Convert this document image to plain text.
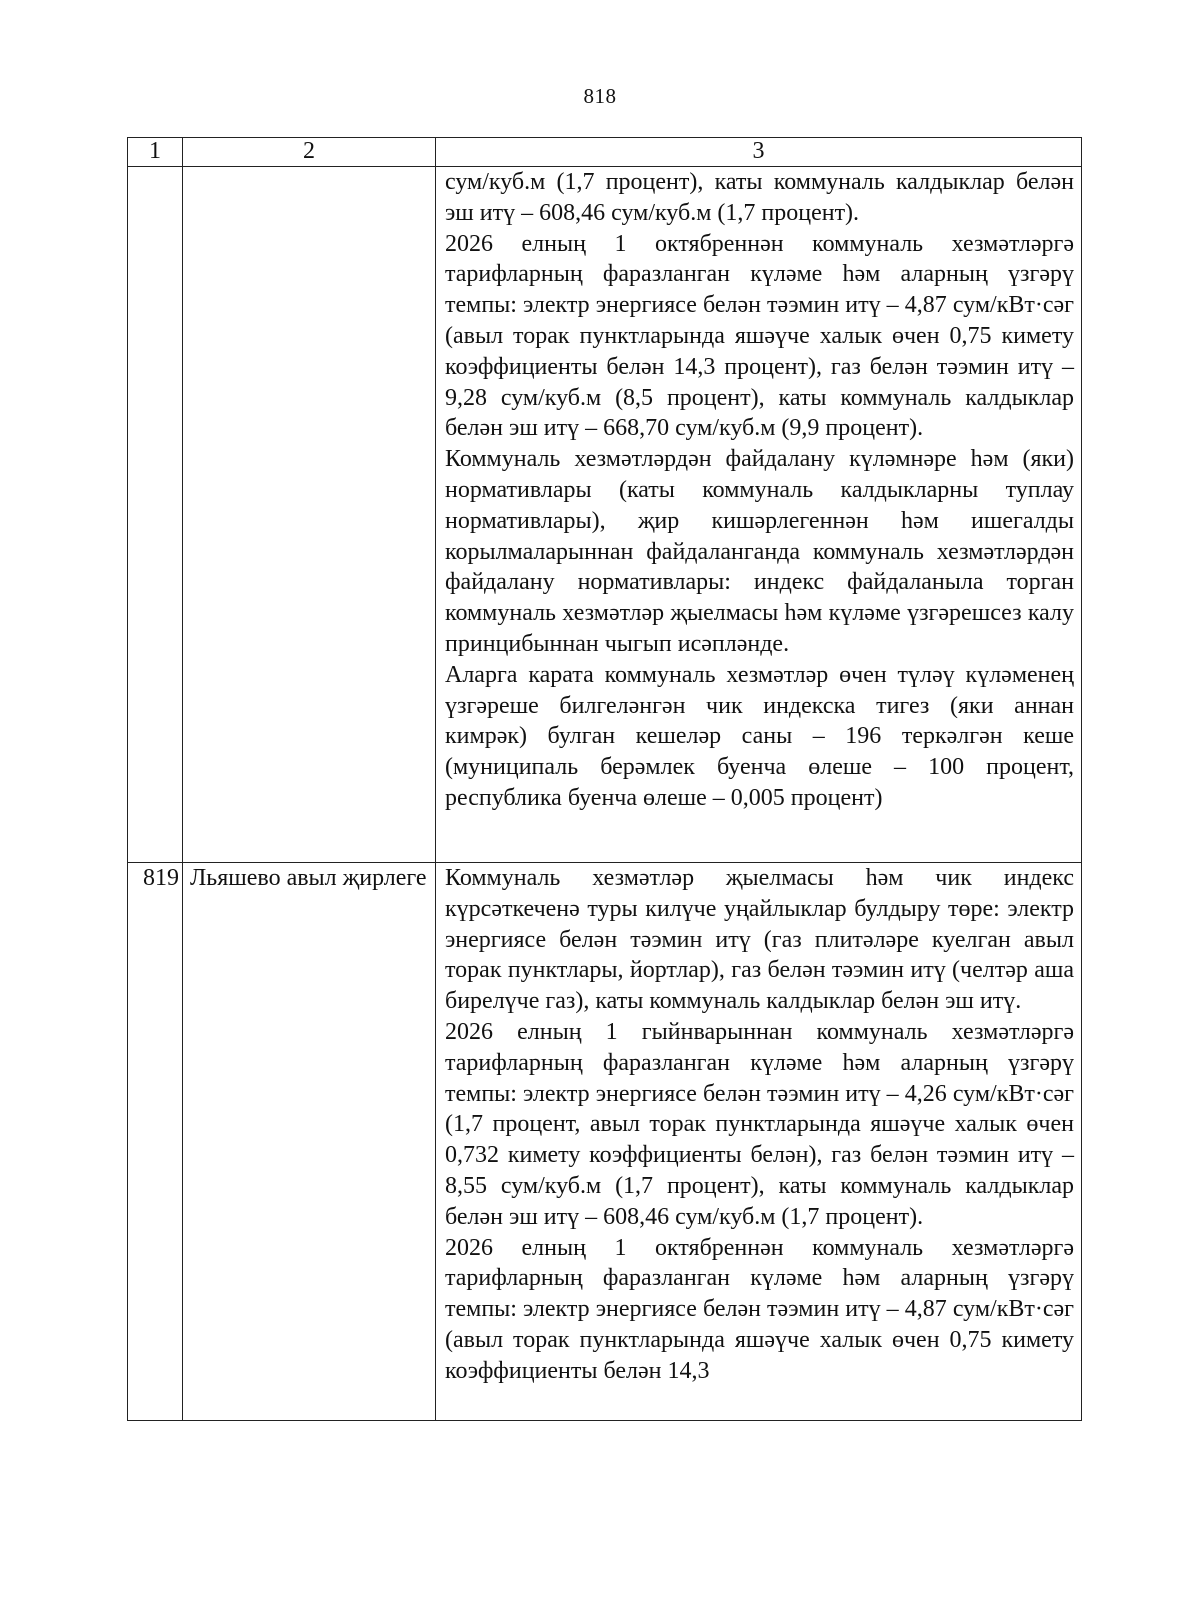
818
1	2	3

		сум/куб.м (1,7 процент), каты коммуналь калдыклар белән эш итү – 608,46 сум/куб.м (1,7 процент).

2026 елның 1 октябреннән коммуналь хезмәтләргә тарифларның фаразланган күләме һәм аларның үзгәрү темпы: электр энергиясе белән тәэмин итү – 4,87 сум/кВт·сәг (авыл торак пунктларында яшәүче халык өчен 0,75 кимету коэффициенты белән 14,3 процент), газ белән тәэмин итү – 9,28 сум/куб.м (8,5 процент), каты коммуналь калдыклар белән эш итү – 668,70 сум/куб.м (9,9 процент).

Коммуналь хезмәтләрдән файдалану күләмнәре һәм (яки) нормативлары (каты коммуналь калдыкларны туплау нормативлары), җир кишәрлегеннән һәм ишегалды корылмаларыннан файдаланганда коммуналь хезмәтләрдән файдалану нормативлары: индекс файдаланыла торган коммуналь хезмәтләр җыелмасы һәм күләме үзгәрешсез калу принцибыннан чыгып исәпләнде.

Аларга карата коммуналь хезмәтләр өчен түләү күләменең үзгәреше билгеләнгән чик индекска тигез (яки аннан кимрәк) булган кешеләр саны – 196 теркәлгән кеше (муниципаль берәмлек буенча өлеше – 100 процент, республика буенча өлеше – 0,005 процент)

819	Льяшево авыл җирлеге	Коммуналь хезмәтләр җыелмасы һәм чик индекс күрсәткеченә туры килүче уңайлыклар булдыру төре: электр энергиясе белән тәэмин итү (газ плитәләре куелган авыл торак пунктлары, йортлар), газ белән тәэмин итү (челтәр аша бирелүче газ), каты коммуналь калдыклар белән эш итү.

2026 елның 1 гыйнварыннан коммуналь хезмәтләргә тарифларның фаразланган күләме һәм аларның үзгәрү темпы: электр энергиясе белән тәэмин итү – 4,26 сум/кВт·сәг (1,7 процент, авыл торак пунктларында яшәүче халык өчен 0,732 кимету коэффициенты белән), газ белән тәэмин итү – 8,55 сум/куб.м (1,7 процент), каты коммуналь калдыклар белән эш итү – 608,46 сум/куб.м (1,7 процент).

2026 елның 1 октябреннән коммуналь хезмәтләргә тарифларның фаразланган күләме һәм аларның үзгәрү темпы: электр энергиясе белән тәэмин итү – 4,87 сум/кВт·сәг (авыл торак пунктларында яшәүче халык өчен 0,75 кимету коэффициенты белән 14,3
